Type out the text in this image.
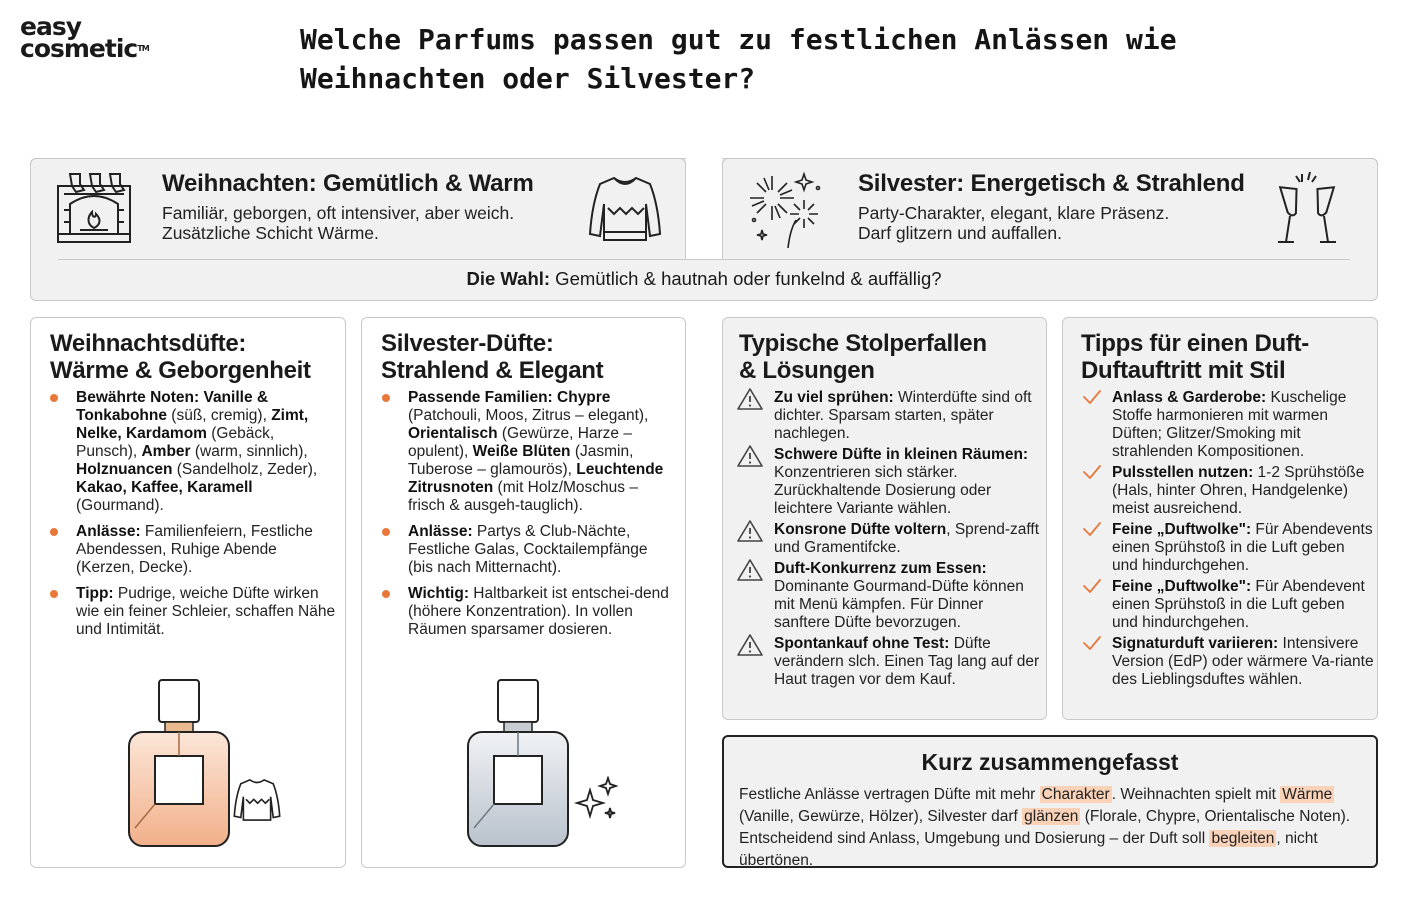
easy
cosmetic™	Welche Parfums passen gut zu festlichen Anlässen wie Weihnachten oder Silvester?
Weihnachten: Gemütlich & Warm

Familiär, geborgen, oft intensiver, aber weich.

Zusätzliche Schicht Wärme.

Silvester: Energetisch & Strahlend

Party-Charakter, elegant, klare Präsenz.

Darf glitzern und auffallen.

Die Wahl: Gemütlich & hautnah oder funkelnd & auffällig?
Weihnachtsdüfte:
Wärme & Geborgenheit
Bewährte Noten: Vanille & Tonkabohne (süß, cremig), Zimt, Nelke, Kardamom (Gebäck, Punsch), Amber (warm, sinnlich), Holznuancen (Sandelholz, Zeder), Kakao, Kaffee, Karamell (Gourmand).
Anlässe: Familienfeiern, Festliche Abendessen, Ruhige Abende (Kerzen, Decke).
Tipp: Pudrige, weiche Düfte wirken wie ein feiner Schleier, schaffen Nähe und Intimität.
Silvester-Düfte:
Strahlend & Elegant
Passende Familien: Chypre (Patchouli, Moos, Zitrus – elegant), Orientalisch (Gewürze, Harze – opulent), Weiße Blüten (Jasmin, Tuberose – glamourös), Leuchtende Zitrusnoten (mit Holz/Moschus – frisch & ausgeh-tauglich).
Anlässe: Partys & Club-Nächte, Festliche Galas, Cocktailempfänge (bis nach Mitternacht).
Wichtig: Haltbarkeit ist entschei-dend (höhere Konzentration). In vollen Räumen sparsamer dosieren.
Typische Stolperfallen
& Lösungen
Zu viel sprühen: Winterdüfte sind oft dichter. Sparsam starten, später nachlegen.
Schwere Düfte in kleinen Räumen: Konzentrieren sich stärker. Zurückhaltende Dosierung oder leichtere Variante wählen.
Konsrone Düfte voltern, Sprend-zafft und Gramentifcke.
Duft-Konkurrenz zum Essen: Dominante Gourmand-Düfte können mit Menü kämpfen. Für Dinner sanftere Düfte bevorzugen.
Spontankauf ohne Test: Düfte verändern slch. Einen Tag lang auf der Haut tragen vor dem Kauf.
Tipps für einen Duft-
Duftauftritt mit Stil
Anlass & Garderobe: Kuschelige Stoffe harmonieren mit warmen Düften; Glitzer/Smoking mit strahlenden Kompositionen.
Pulsstellen nutzen: 1-2 Sprühstöße (Hals, hinter Ohren, Handgelenke) meist ausreichend.
Feine „Duftwolke": Für Abendevents einen Sprühstoß in die Luft geben und hindurchgehen.
Feine „Duftwolke": Für Abendevent einen Sprühstoß in die Luft geben und hindurchgehen.
Signaturduft variieren: Intensivere Version (EdP) oder wärmere Va-riante des Lieblingsduftes wählen.
Kurz zusammengefasst

Festliche Anlässe vertragen Düfte mit mehr Charakter . Weihnachten spielt mit Wärme (Vanille, Gewürze, Hölzer), Silvester darf glänzen (Florale, Chypre, Orientalische Noten). Entscheidend sind Anlass, Umgebung und Dosierung – der Duft soll begleiten , nicht übertönen.
